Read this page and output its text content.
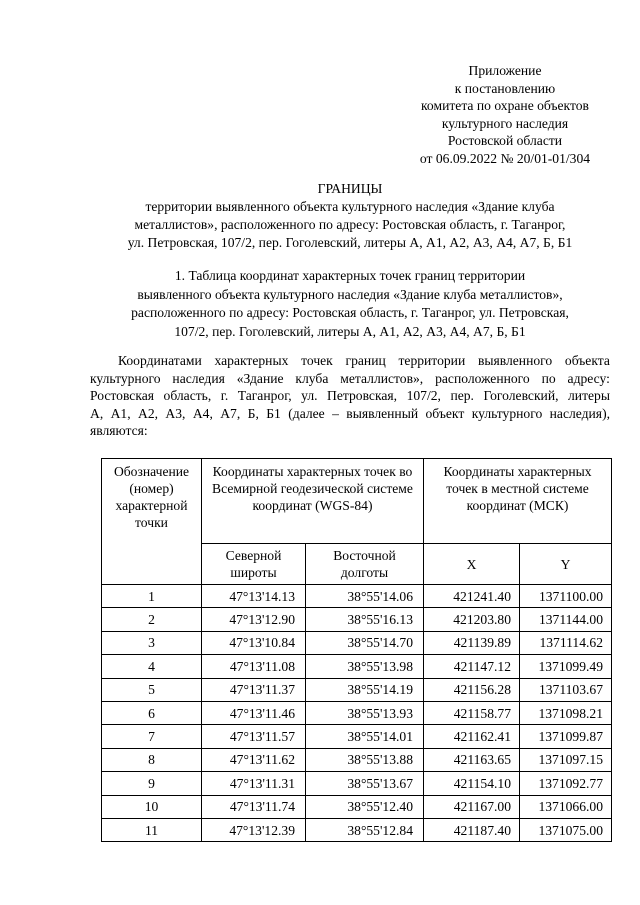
Приложение
к постановлению
комитета по охране объектов
культурного наследия
Ростовской области
от 06.09.2022 № 20/01-01/304
ГРАНИЦЫ
территории выявленного объекта культурного наследия «Здание клуба
металлистов», расположенного по адресу: Ростовская область, г. Таганрог,
ул. Петровская, 107/2, пер. Гоголевский, литеры А, А1, А2, А3, А4, А7, Б, Б1
1. Таблица координат характерных точек границ территории
выявленного объекта культурного наследия «Здание клуба металлистов»,
расположенного по адресу: Ростовская область, г. Таганрог, ул. Петровская,
107/2, пер. Гоголевский, литеры А, А1, А2, А3, А4, А7, Б, Б1
Координатами характерных точек границ территории выявленного объекта
культурного наследия «Здание клуба металлистов», расположенного по адресу:
Ростовская область, г. Таганрог, ул. Петровская, 107/2, пер. Гоголевский, литеры
А, А1, А2, А3, А4, А7, Б, Б1 (далее – выявленный объект культурного наследия),
являются:
Обозначение (номер) характерной точки	Координаты характерных точек во Всемирной геодезической системе координат (WGS-84)		Координаты характерных точек в местной системе координат (МСК)	
	Северной широты	Восточной долготы	X	Y
1	47°13'14.13	38°55'14.06	421241.40	1371100.00
2	47°13'12.90	38°55'16.13	421203.80	1371144.00
3	47°13'10.84	38°55'14.70	421139.89	1371114.62
4	47°13'11.08	38°55'13.98	421147.12	1371099.49
5	47°13'11.37	38°55'14.19	421156.28	1371103.67
6	47°13'11.46	38°55'13.93	421158.77	1371098.21
7	47°13'11.57	38°55'14.01	421162.41	1371099.87
8	47°13'11.62	38°55'13.88	421163.65	1371097.15
9	47°13'11.31	38°55'13.67	421154.10	1371092.77
10	47°13'11.74	38°55'12.40	421167.00	1371066.00
11	47°13'12.39	38°55'12.84	421187.40	1371075.00
